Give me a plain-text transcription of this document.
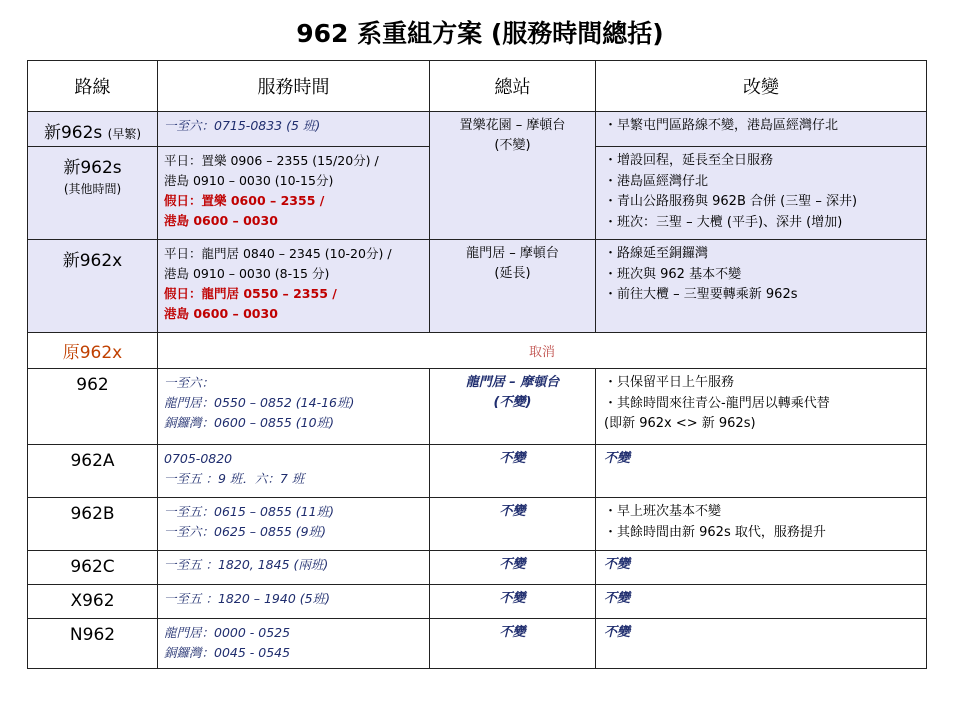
962 系重組方案 (服務時間總括)
路線	服務時間	總站	改變
新962s (早繁)	一至六：0715-0833 (5 班)	置樂花園 – 摩頓台
(不變)	・早繁屯門區路線不變，港島區經灣仔北

新962s
(其他時間)	平日：置樂 0906 – 2355 (15/20分) /
港島 0910 – 0030 (10-15分)
假日：置樂 0600 – 2355 /
港島 0600 – 0030		・增設回程，延長至全日服務
・港島區經灣仔北
・青山公路服務與 962B 合併 (三聖 – 深井)
・班次：三聖 – 大欖 (平手)、深井 (增加)

新962x	平日：龍門居 0840 – 2345 (10-20分) /
港島 0910 – 0030 (8-15 分)
假日：龍門居 0550 – 2355 /
港島 0600 – 0030	龍門居 – 摩頓台
(延長)	・路線延至銅鑼灣
・班次與 962 基本不變
・前往大欖 – 三聖要轉乘新 962s

原962x	取消		
962	一至六：
龍門居：0550 – 0852 (14-16班)
銅鑼灣：0600 – 0855 (10班)	龍門居 – 摩頓台
(不變)	・只保留平日上午服務
・其餘時間來往青公-龍門居以轉乘代替
(即新 962x <> 新 962s)

962A	0705-0820
一至五 ：9 班．六：7 班	不變	不變
962B	一至五：0615 – 0855 (11班)
一至六：0625 – 0855 (9班)	不變	・早上班次基本不變
・其餘時間由新 962s 取代，服務提升

962C	一至五 ：1820, 1845 (兩班)	不變	不變
X962	一至五 ：1820 – 1940 (5班)	不變	不變
N962	龍門居：0000 - 0525
銅鑼灣：0045 - 0545	不變	不變
